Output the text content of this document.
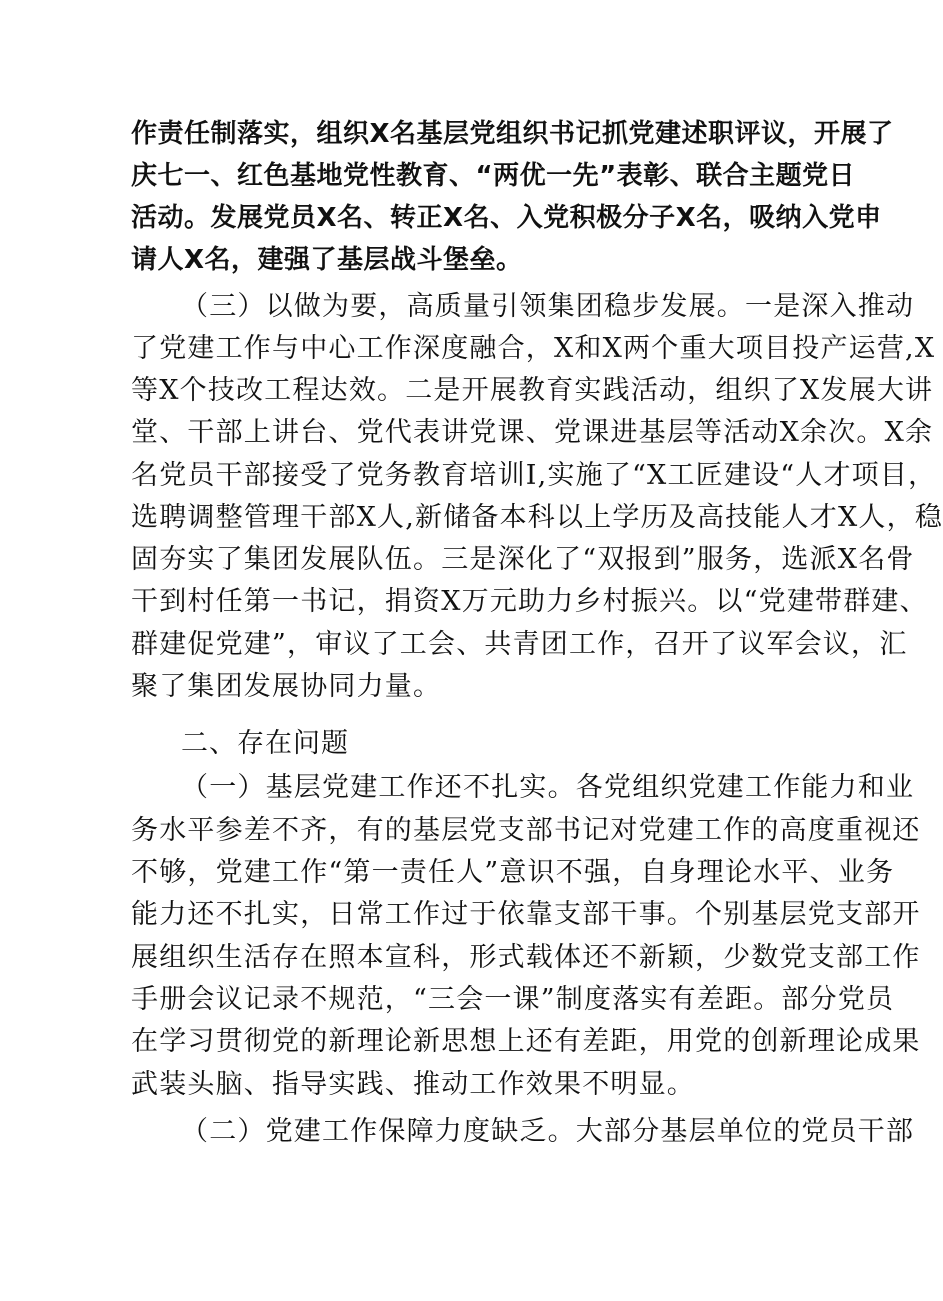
作责任制落实，组织X名基层党组织书记抓党建述职评议，开展了
庆七一、红色基地党性教育、“两优一先”表彰、联合主题党日
活动。发展党员X名、转正X名、入党积极分子X名，吸纳入党申
请人X名，建强了基层战斗堡垒。
（三）以做为要，高质量引领集团稳步发展。一是深入推动
了党建工作与中心工作深度融合，X和X两个重大项目投产运营,X
等X个技改工程达效。二是开展教育实践活动，组织了X发展大讲
堂、干部上讲台、党代表讲党课、党课进基层等活动X余次。X余
名党员干部接受了党务教育培训I,实施了“X工匠建设“人才项目，
选聘调整管理干部X人,新储备本科以上学历及高技能人才X人，稳
固夯实了集团发展队伍。三是深化了“双报到”服务，选派X名骨
干到村任第一书记，捐资X万元助力乡村振兴。以“党建带群建、
群建促党建”，审议了工会、共青团工作，召开了议军会议，汇
聚了集团发展协同力量。
二、存在问题
（一）基层党建工作还不扎实。各党组织党建工作能力和业
务水平参差不齐，有的基层党支部书记对党建工作的高度重视还
不够，党建工作“第一责任人”意识不强，自身理论水平、业务
能力还不扎实，日常工作过于依靠支部干事。个别基层党支部开
展组织生活存在照本宣科，形式载体还不新颖，少数党支部工作
手册会议记录不规范，“三会一课”制度落实有差距。部分党员
在学习贯彻党的新理论新思想上还有差距，用党的创新理论成果
武装头脑、指导实践、推动工作效果不明显。
（二）党建工作保障力度缺乏。大部分基层单位的党员干部
